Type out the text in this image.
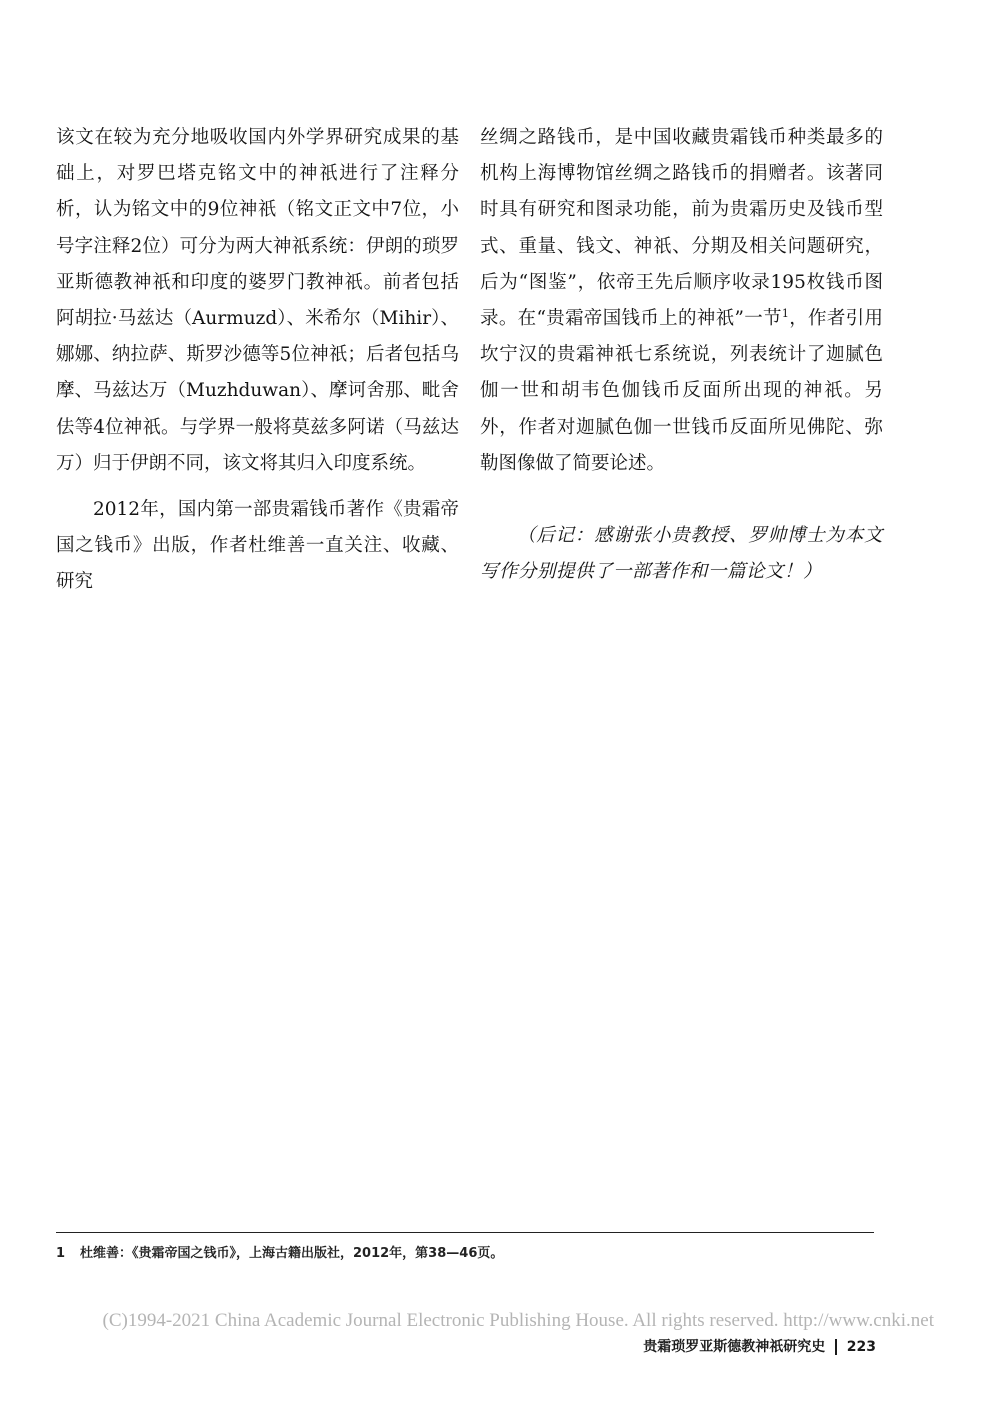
该文在较为充分地吸收国内外学界研究成果的基础上，对罗巴塔克铭文中的神祇进行了注释分析，认为铭文中的9位神祇（铭文正文中7位，小号字注释2位）可分为两大神祇系统：伊朗的琐罗亚斯德教神祇和印度的婆罗门教神祇。前者包括阿胡拉·马兹达（Aurmuzd）、米希尔（Mihir）、娜娜、纳拉萨、斯罗沙德等5位神祇；后者包括乌摩、马兹达万（Muzhduwan）、摩诃舍那、毗舍佉等4位神祇。与学界一般将莫兹多阿诺（马兹达万）归于伊朗不同，该文将其归入印度系统。

2012年，国内第一部贵霜钱币著作《贵霜帝国之钱币》出版，作者杜维善一直关注、收藏、研究

丝绸之路钱币，是中国收藏贵霜钱币种类最多的机构上海博物馆丝绸之路钱币的捐赠者。该著同时具有研究和图录功能，前为贵霜历史及钱币型式、重量、钱文、神祇、分期及相关问题研究，后为“图鉴”，依帝王先后顺序收录195枚钱币图录。在“贵霜帝国钱币上的神祇”一节$^1$，作者引用坎宁汉的贵霜神祇七系统说，列表统计了迦腻色伽一世和胡韦色伽钱币反面所出现的神祇。另外，作者对迦腻色伽一世钱币反面所见佛陀、弥勒图像做了简要论述。

（后记：感谢张小贵教授、罗帅博士为本文写作分别提供了一部著作和一篇论文！）

1 杜维善：《贵霜帝国之钱币》，上海古籍出版社，2012年，第38—46页。
(C)1994-2021 China Academic Journal Electronic Publishing House. All rights reserved. http://www.cnki.net
贵霜琐罗亚斯德教神祇研究史 223
